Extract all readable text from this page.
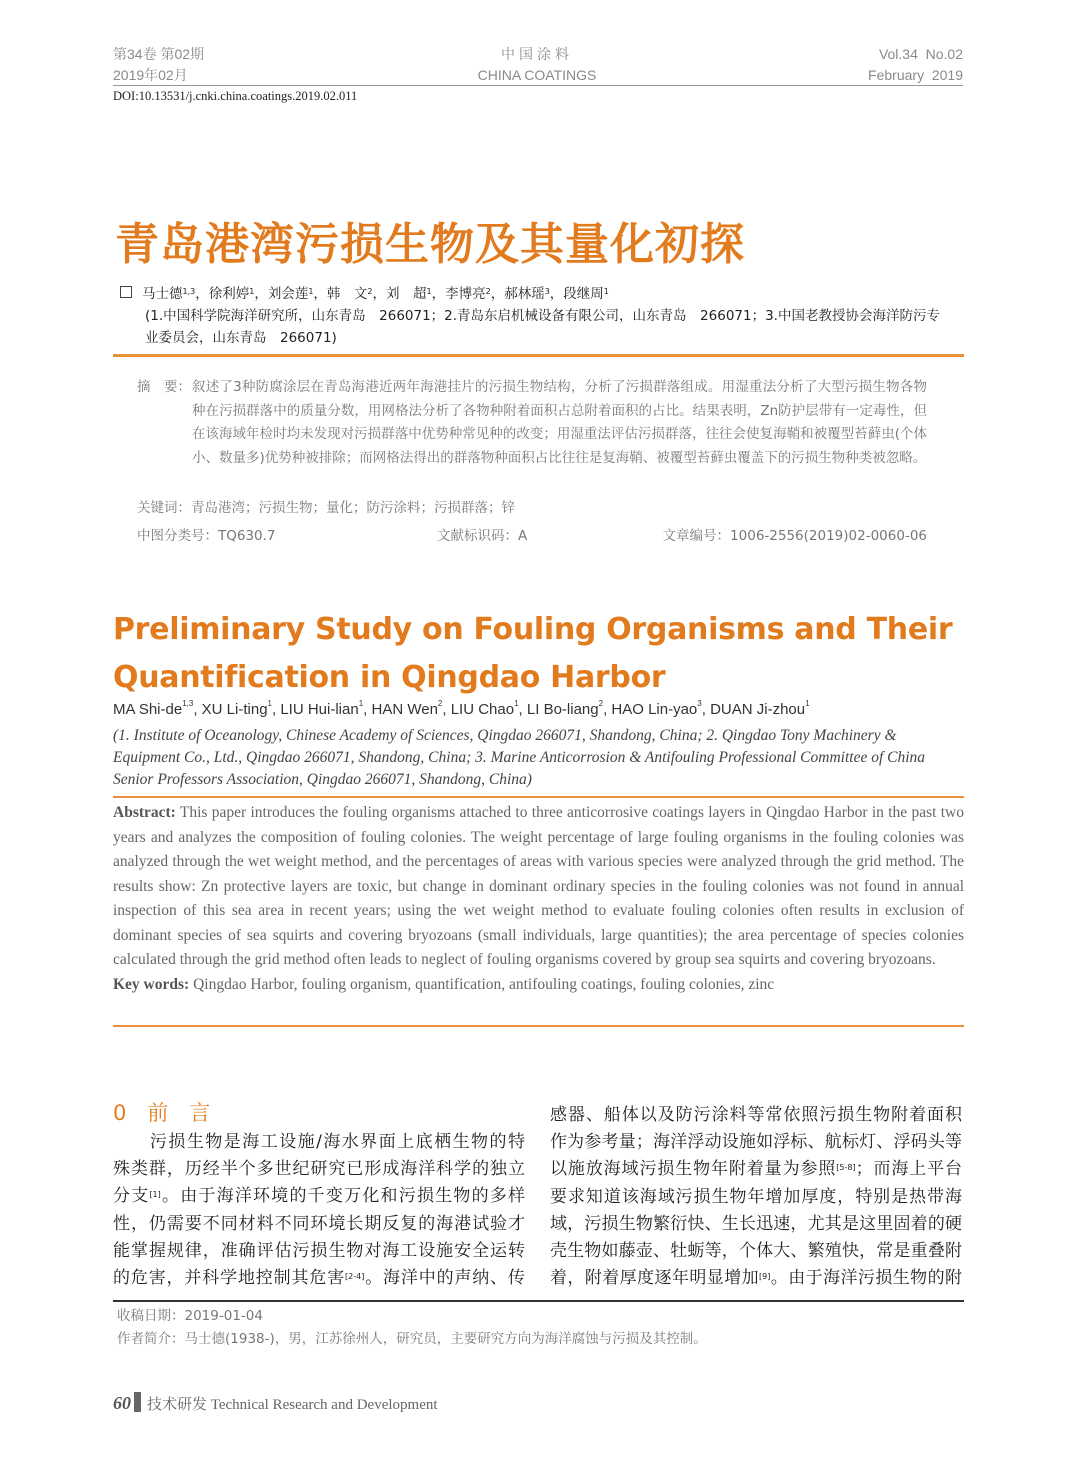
第34卷 第02期
2019年02月
中国涂料
CHINA COATINGS
Vol.34  No.02
February  2019
DOI:10.13531/j.cnki.china.coatings.2019.02.011
青岛港湾污损生物及其量化初探
马士德$^{1,3}$，徐利婷$^1$，刘会莲$^1$，韩　文$^2$，刘　超$^1$，李博亮$^2$，郝林瑶$^3$，段继周$^1$
(1.中国科学院海洋研究所，山东青岛　266071；2.青岛东启机械设备有限公司，山东青岛　266071；3.中国老教授协会海洋防污专业委员会，山东青岛　266071)
摘　要： 叙述了3种防腐涂层在青岛海港近两年海港挂片的污损生物结构，分析了污损群落组成。用湿重法分析了大型污损生物各物种在污损群落中的质量分数，用网格法分析了各物种附着面积占总附着面积的占比。结果表明，Zn防护层带有一定毒性，但在该海域年检时均未发现对污损群落中优势种常见种的改变；用湿重法评估污损群落，往往会使复海鞘和被覆型苔藓虫(个体小、数量多)优势种被排除；而网格法得出的群落物种面积占比往往是复海鞘、被覆型苔藓虫覆盖下的污损生物种类被忽略。
关键词：青岛港湾；污损生物；量化；防污涂料；污损群落；锌
中图分类号：TQ630.7	文献标识码：A	文章编号：1006-2556(2019)02-0060-06
Preliminary Study on Fouling Organisms and Their
Quantification in Qingdao Harbor
MA Shi-de$^{1,3}$, XU Li-ting$^1$, LIU Hui-lian$^1$, HAN Wen$^2$, LIU Chao$^1$, LI Bo-liang$^2$, HAO Lin-yao$^3$, DUAN Ji-zhou$^1$
(1. Institute of Oceanology, Chinese Academy of Sciences, Qingdao 266071, Shandong, China; 2. Qingdao Tony Machinery & Equipment Co., Ltd., Qingdao 266071, Shandong, China; 3. Marine Anticorrosion & Antifouling Professional Committee of China Senior Professors Association, Qingdao 266071, Shandong, China)
Abstract: This paper introduces the fouling organisms attached to three anticorrosive coatings layers in Qingdao Harbor in the past two years and analyzes the composition of fouling colonies. The weight percentage of large fouling organisms in the fouling colonies was analyzed through the wet weight method, and the percentages of areas with various species were analyzed through the grid method. The results show: Zn protective layers are toxic, but change in dominant ordinary species in the fouling colonies was not found in annual inspection of this sea area in recent years; using the wet weight method to evaluate fouling colonies often results in exclusion of dominant species of sea squirts and covering bryozoans (small individuals, large quantities); the area percentage of species colonies calculated through the grid method often leads to neglect of fouling organisms covered by group sea squirts and covering bryozoans.
Key words: Qingdao Harbor, fouling organism, quantification, antifouling coatings, fouling colonies, zinc
0　前　言
　　污损生物是海工设施/海水界面上底栖生物的特
殊类群，历经半个多世纪研究已形成海洋科学的独立
分支[1]。由于海洋环境的千变万化和污损生物的多样
性，仍需要不同材料不同环境长期反复的海港试验才
能掌握规律，准确评估污损生物对海工设施安全运转
的危害，并科学地控制其危害[2-4]。海洋中的声纳、传
感器、船体以及防污涂料等常依照污损生物附着面积
作为参考量；海洋浮动设施如浮标、航标灯、浮码头等
以施放海域污损生物年附着量为参照[5-8]；而海上平台
要求知道该海域污损生物年增加厚度，特别是热带海
域，污损生物繁衍快、生长迅速，尤其是这里固着的硬
壳生物如藤壶、牡蛎等，个体大、繁殖快，常是重叠附
着，附着厚度逐年明显增加[9]。由于海洋污损生物的附
收稿日期：2019-01-04
作者简介：马士德(1938-)，男，江苏徐州人，研究员，主要研究方向为海洋腐蚀与污损及其控制。
60 技术研发 Technical Research and Development
